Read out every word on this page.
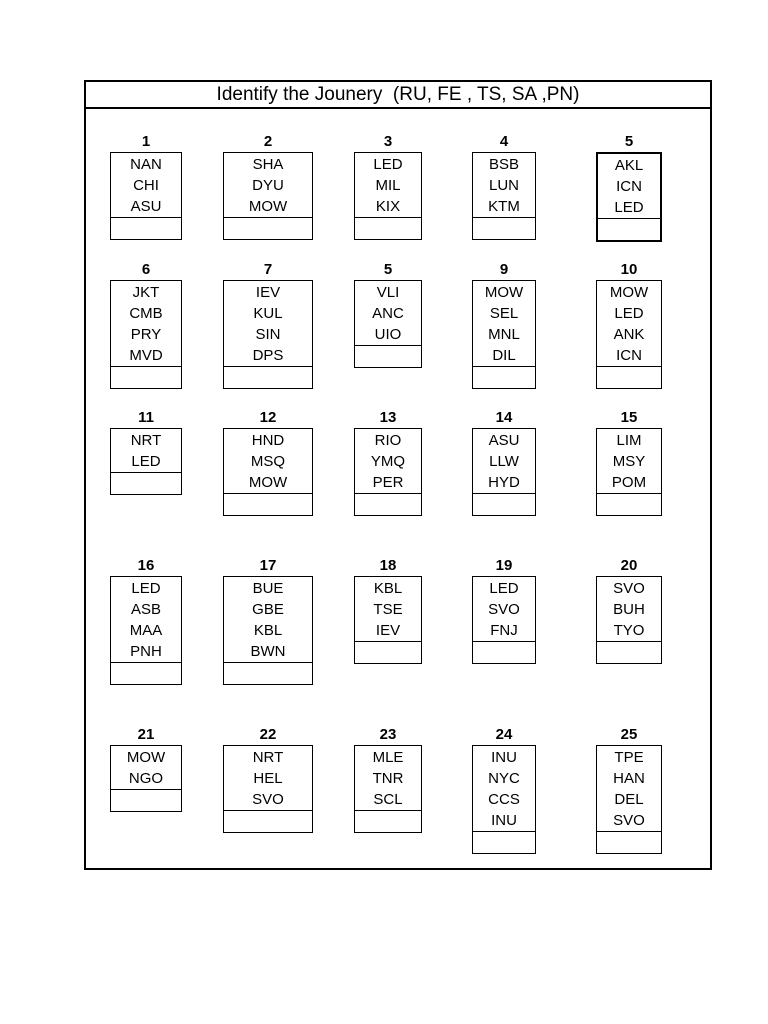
Identify the Jounery  (RU, FE , TS, SA ,PN)
1
NAN
CHI
ASU
2
SHA
DYU
MOW
3
LED
MIL
KIX
4
BSB
LUN
KTM
5
AKL
ICN
LED
6
JKT
CMB
PRY
MVD
7
IEV
KUL
SIN
DPS
5
VLI
ANC
UIO
9
MOW
SEL
MNL
DIL
10
MOW
LED
ANK
ICN
11
NRT
LED
12
HND
MSQ
MOW
13
RIO
YMQ
PER
14
ASU
LLW
HYD
15
LIM
MSY
POM
16
LED
ASB
MAA
PNH
17
BUE
GBE
KBL
BWN
18
KBL
TSE
IEV
19
LED
SVO
FNJ
20
SVO
BUH
TYO
21
MOW
NGO
22
NRT
HEL
SVO
23
MLE
TNR
SCL
24
INU
NYC
CCS
INU
25
TPE
HAN
DEL
SVO
